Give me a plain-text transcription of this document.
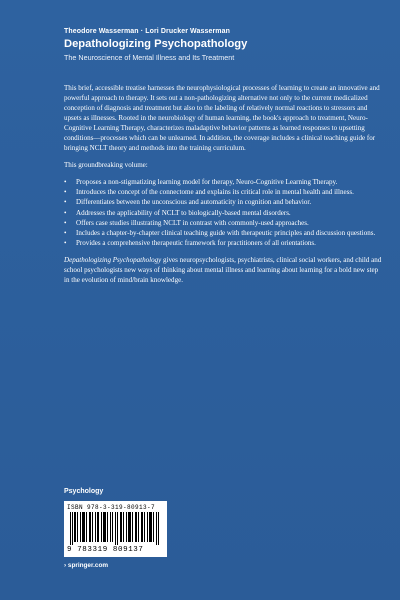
Theodore Wasserman · Lori Drucker Wasserman
Depathologizing Psychopathology
The Neuroscience of Mental Illness and Its Treatment

This brief, accessible treatise harnesses the neurophysiological processes of learning to create an innovative and powerful approach to therapy. It sets out a non-pathologizing alternative not only to the current medicalized conception of diagnosis and treatment but also to the labeling of relatively normal reactions to stressors and upsets as illnesses. Rooted in the neurobiology of human learning, the book's approach to treatment, Neuro-Cognitive Learning Therapy, characterizes maladaptive behavior patterns as learned responses to upsetting conditions—processes which can be unlearned. In addition, the coverage includes a clinical teaching guide for bringing NCLT theory and methods into the training curriculum.

This groundbreaking volume:

• Proposes a non-stigmatizing learning model for therapy, Neuro-Cognitive Learning Therapy.
• Introduces the concept of the connectome and explains its critical role in mental health and illness.
• Differentiates between the unconscious and automaticity in cognition and behavior.
• Addresses the applicability of NCLT to biologically-based mental disorders.
• Offers case studies illustrating NCLT in contrast with commonly-used approaches.
• Includes a chapter-by-chapter clinical teaching guide with therapeutic principles and discussion questions.
• Provides a comprehensive therapeutic framework for practitioners of all orientations.

Depathologizing Psychopathology gives neuropsychologists, psychiatrists, clinical social workers, and child and school psychologists new ways of thinking about mental illness and learning about learning for a bold new step in the evolution of mind/brain knowledge.

Psychology
ISBN 978-3-319-80913-7
9 783319 809137
› springer.com
